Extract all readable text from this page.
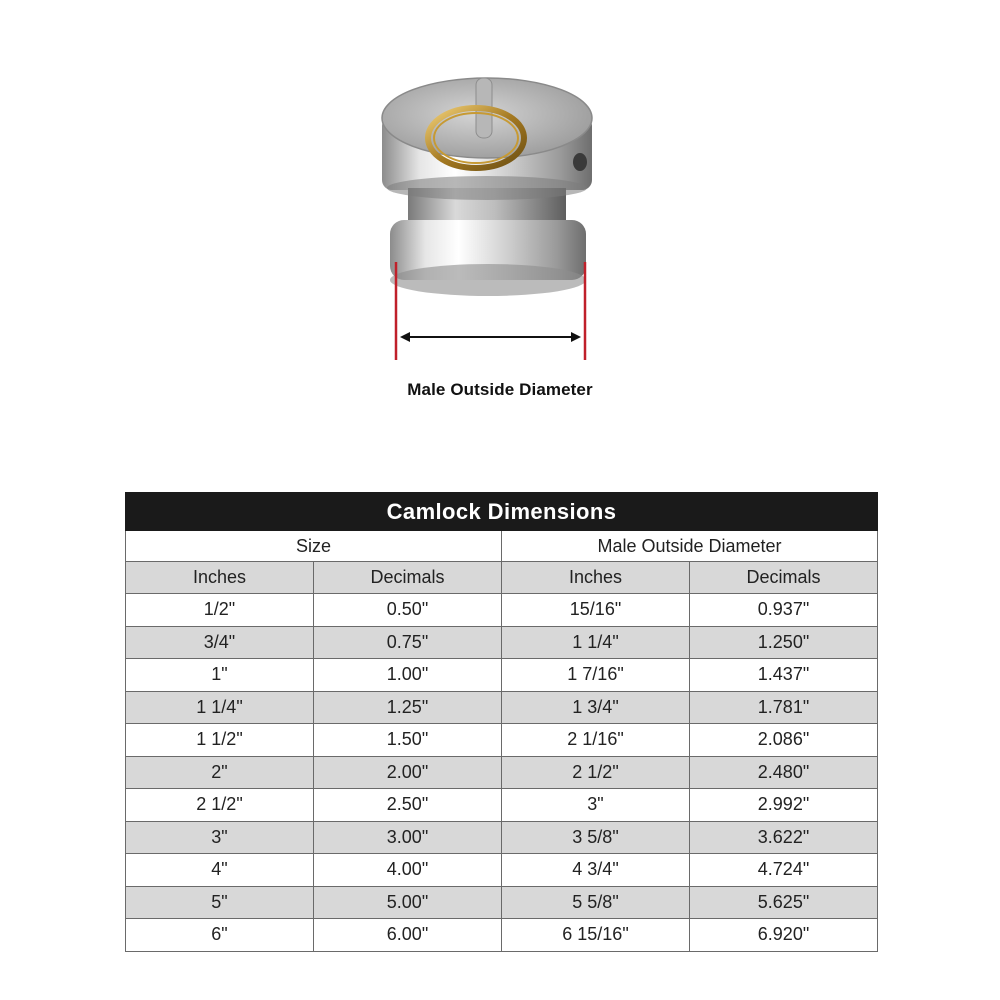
Male Outside Diameter
Camlock Dimensions			
Size		Male Outside Diameter	
Inches	Decimals	Inches	Decimals
1/2"	0.50"	15/16"	0.937"
3/4"	0.75"	1 1/4"	1.250"
1"	1.00"	1 7/16"	1.437"
1 1/4"	1.25"	1 3/4"	1.781"
1 1/2"	1.50"	2 1/16"	2.086"
2"	2.00"	2 1/2"	2.480"
2 1/2"	2.50"	3"	2.992"
3"	3.00"	3 5/8"	3.622"
4"	4.00"	4 3/4"	4.724"
5"	5.00"	5 5/8"	5.625"
6"	6.00"	6 15/16"	6.920"
